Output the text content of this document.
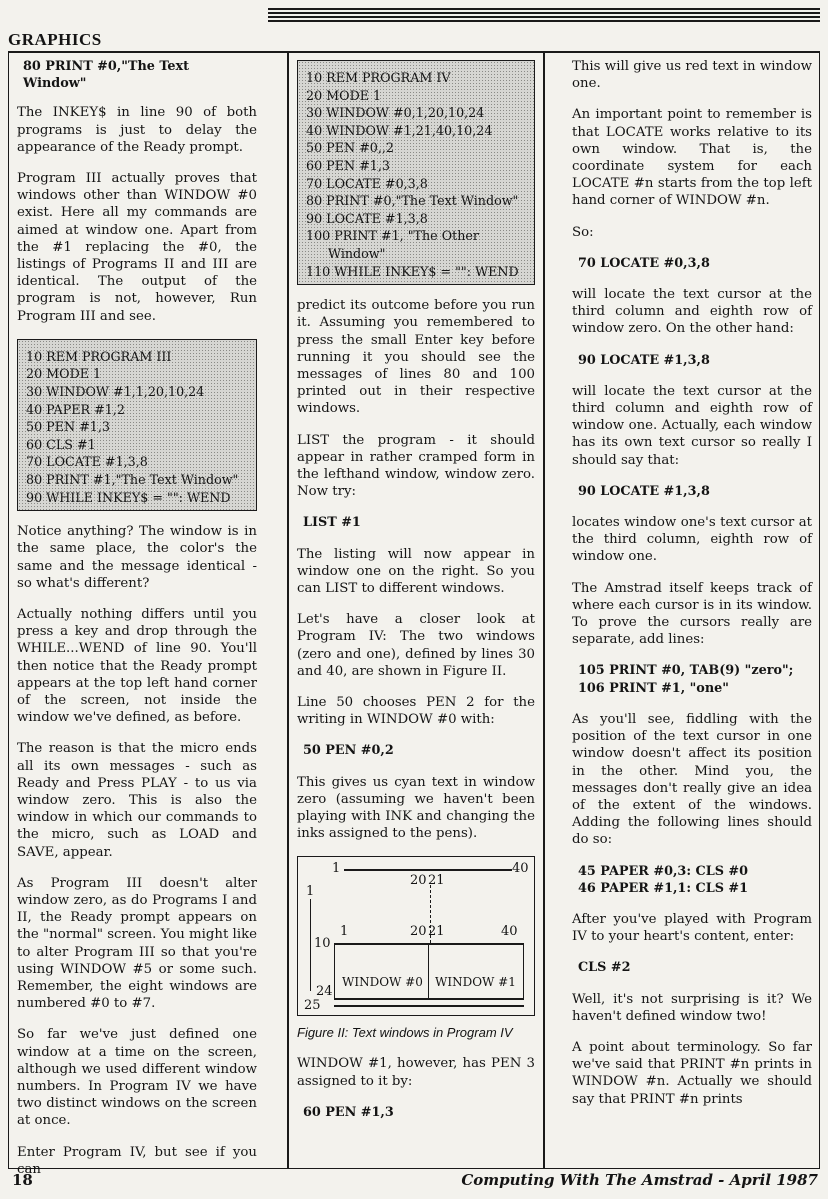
GRAPHICS
80 PRINT #0,"The Text Window"

The INKEY$ in line 90 of both programs is just to delay the appearance of the Ready prompt.

Program III actually proves that windows other than WINDOW #0 exist. Here all my commands are aimed at window one. Apart from the #1 replacing the #0, the listings of Programs II and III are identical. The output of the program is not, however, Run Program III and see.

10 REM PROGRAM III
20 MODE 1
30 WINDOW #1,1,20,10,24
40 PAPER #1,2
50 PEN #1,3
60 CLS #1
70 LOCATE #1,3,8
80 PRINT #1,"The Text Window"
90 WHILE INKEY$ = "": WEND

Notice anything? The window is in the same place, the color's the same and the message identical - so what's different?

Actually nothing differs until you press a key and drop through the WHILE...WEND of line 90. You'll then notice that the Ready prompt appears at the top left hand corner of the screen, not inside the window we've defined, as before.

The reason is that the micro ends all its own messages - such as Ready and Press PLAY - to us via window zero. This is also the window in which our commands to the micro, such as LOAD and SAVE, appear.

As Program III doesn't alter window zero, as do Programs I and II, the Ready prompt appears on the "normal" screen. You might like to alter Program III so that you're using WINDOW #5 or some such. Remember, the eight windows are numbered #0 to #7.

So far we've just defined one window at a time on the screen, although we used different window numbers. In Program IV we have two distinct windows on the screen at once.

Enter Program IV, but see if you can

10 REM PROGRAM IV
20 MODE 1
30 WINDOW #0,1,20,10,24
40 WINDOW #1,21,40,10,24
50 PEN #0,,2
60 PEN #1,3
70 LOCATE #0,3,8
80 PRINT #0,"The Text Window"
90 LOCATE #1,3,8
100 PRINT #1, "The Other
Window"
110 WHILE INKEY$ = "": WEND

predict its outcome before you run it. Assuming you remembered to press the small Enter key before running it you should see the messages of lines 80 and 100 printed out in their respective windows.

LIST the program - it should appear in rather cramped form in the lefthand window, window zero. Now try:

LIST #1

The listing will now appear in window one on the right. So you can LIST to different windows.

Let's have a closer look at Program IV: The two windows (zero and one), defined by lines 30 and 40, are shown in Figure II.

Line 50 chooses PEN 2 for the writing in WINDOW #0 with:

50 PEN #0,2

This gives us cyan text in window zero (assuming we haven't been playing with INK and changing the inks assigned to the pens).

1	40
20 21
1
10
24
25
1	20 21	40
WINDOW #0 WINDOW #1

Figure II: Text windows in Program IV

WINDOW #1, however, has PEN 3 assigned to it by:

60 PEN #1,3

This will give us red text in window one.

An important point to remember is that LOCATE works relative to its own window. That is, the coordinate system for each LOCATE #n starts from the top left hand corner of WINDOW #n.

So:

70 LOCATE #0,3,8

will locate the text cursor at the third column and eighth row of window zero. On the other hand:

90 LOCATE #1,3,8

will locate the text cursor at the third column and eighth row of window one. Actually, each window has its own text cursor so really I should say that:

90 LOCATE #1,3,8

locates window one's text cursor at the third column, eighth row of window one.

The Amstrad itself keeps track of where each cursor is in its window. To prove the cursors really are separate, add lines:

105 PRINT #0, TAB(9) "zero";
106 PRINT #1, "one"

As you'll see, fiddling with the position of the text cursor in one window doesn't affect its position in the other. Mind you, the messages don't really give an idea of the extent of the windows. Adding the following lines should do so:

45 PAPER #0,3: CLS #0
46 PAPER #1,1: CLS #1

After you've played with Program IV to your heart's content, enter:

CLS #2

Well, it's not surprising is it? We haven't defined window two!

A point about terminology. So far we've said that PRINT #n prints in WINDOW #n. Actually we should say that PRINT #n prints

18	Computing With The Amstrad - April 1987
